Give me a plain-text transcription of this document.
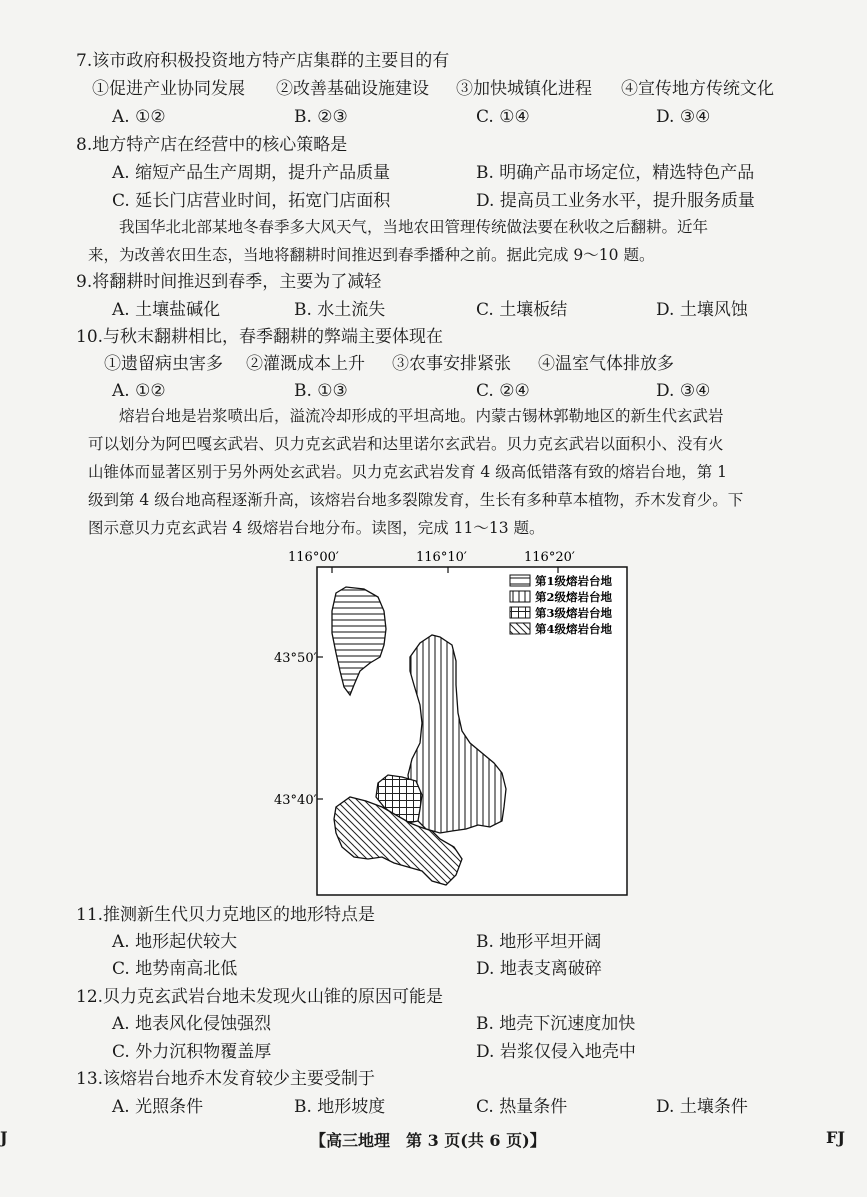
7.该市政府积极投资地方特产店集群的主要目的有
①促进产业协同发展 ②改善基础设施建设 ③加快城镇化进程 ④宣传地方传统文化
A. ①②	B. ②③	C. ①④	D. ③④
8.地方特产店在经营中的核心策略是
A. 缩短产品生产周期，提升产品质量	B. 明确产品市场定位，精选特色产品
C. 延长门店营业时间，拓宽门店面积	D. 提高员工业务水平，提升服务质量
我国华北北部某地冬春季多大风天气，当地农田管理传统做法要在秋收之后翻耕。近年
来，为改善农田生态，当地将翻耕时间推迟到春季播种之前。据此完成 9～10 题。
9.将翻耕时间推迟到春季，主要为了减轻
A. 土壤盐碱化	B. 水土流失	C. 土壤板结	D. 土壤风蚀
10.与秋末翻耕相比，春季翻耕的弊端主要体现在
①遗留病虫害多 ②灌溉成本上升 ③农事安排紧张 ④温室气体排放多
A. ①②	B. ①③	C. ②④	D. ③④
熔岩台地是岩浆喷出后，溢流冷却形成的平坦高地。内蒙古锡林郭勒地区的新生代玄武岩
可以划分为阿巴嘎玄武岩、贝力克玄武岩和达里诺尔玄武岩。贝力克玄武岩以面积小、没有火
山锥体而显著区别于另外两处玄武岩。贝力克玄武岩发育 4 级高低错落有致的熔岩台地，第 1
级到第 4 级台地高程逐渐升高，该熔岩台地多裂隙发育，生长有多种草本植物，乔木发育少。下
图示意贝力克玄武岩 4 级熔岩台地分布。读图，完成 11～13 题。
116°00′	116°10′	116°20′
43°50′
43°40′
第1级熔岩台地
第2级熔岩台地
第3级熔岩台地
第4级熔岩台地
11.推测新生代贝力克地区的地形特点是
A. 地形起伏较大	B. 地形平坦开阔
C. 地势南高北低	D. 地表支离破碎
12.贝力克玄武岩台地未发现火山锥的原因可能是
A. 地表风化侵蚀强烈	B. 地壳下沉速度加快
C. 外力沉积物覆盖厚	D. 岩浆仅侵入地壳中
13.该熔岩台地乔木发育较少主要受制于
A. 光照条件	B. 地形坡度	C. 热量条件	D. 土壤条件
J	【高三地理　第 3 页(共 6 页)】	FJ
